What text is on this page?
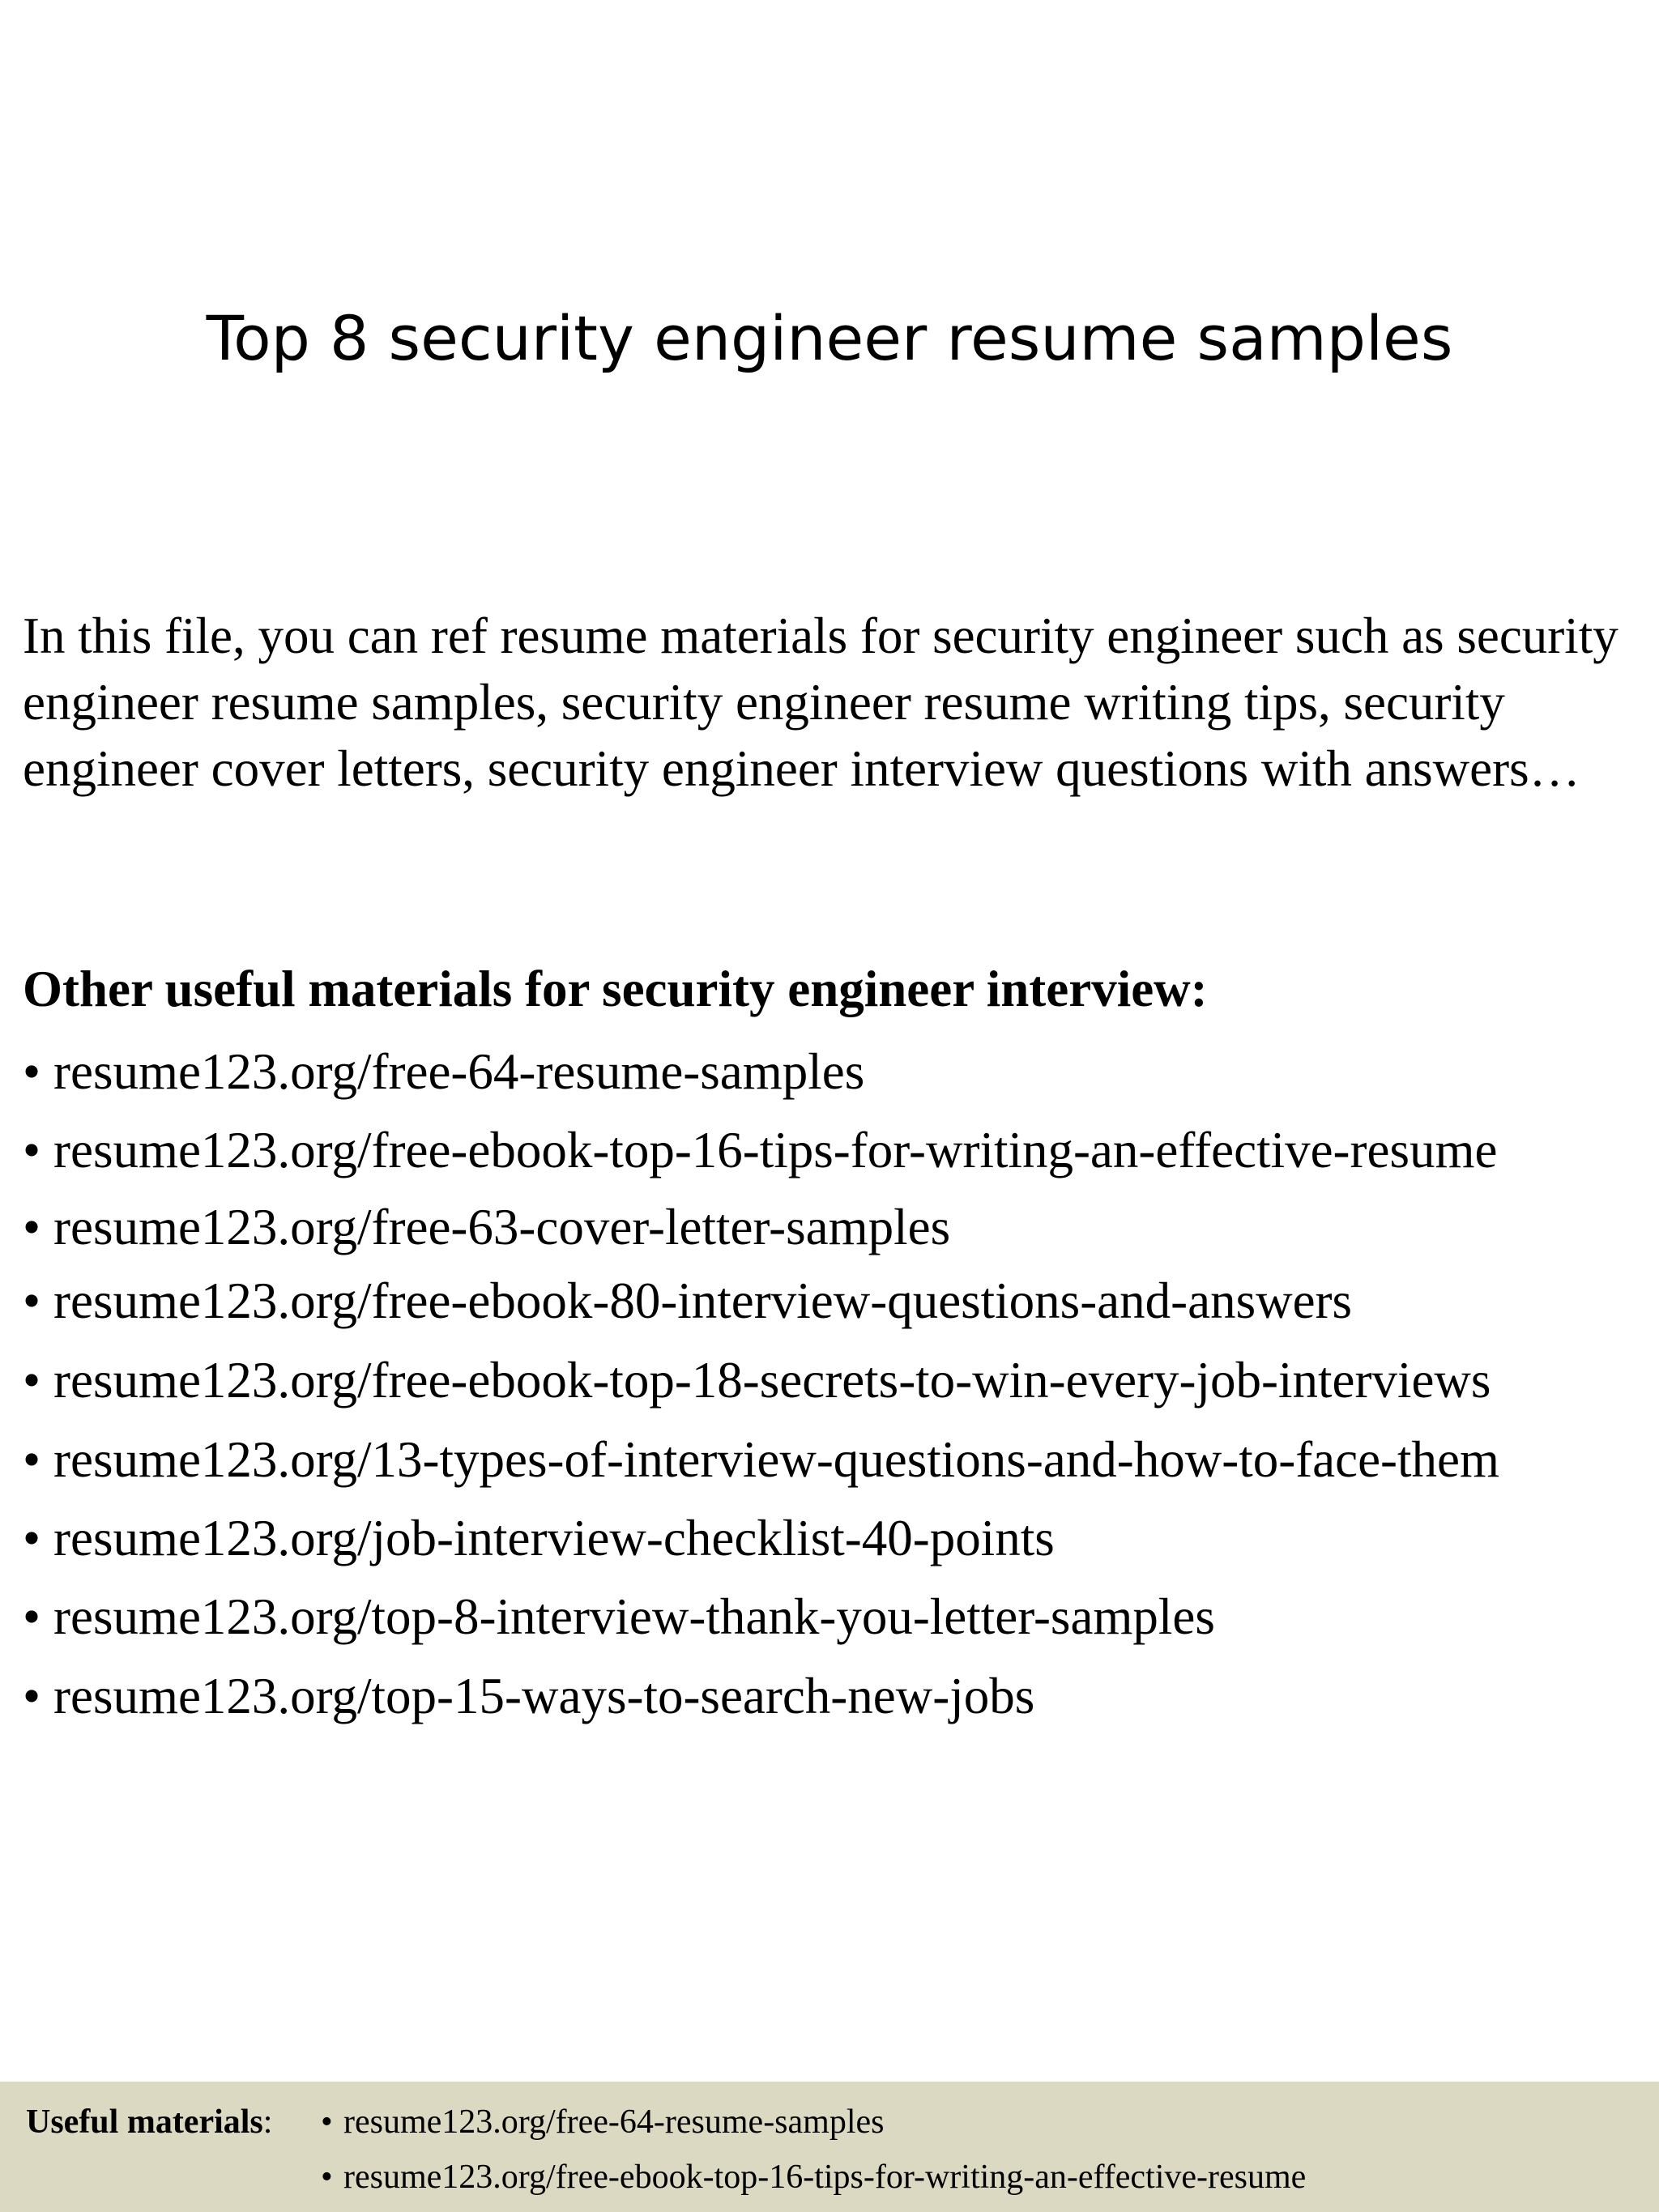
Top 8 security engineer resume samples

In this file, you can ref resume materials for security engineer such as security engineer resume samples, security engineer resume writing tips, security engineer cover letters, security engineer interview questions with answers…

Other useful materials for security engineer interview:
• resume123.org/free-64-resume-samples
• resume123.org/free-ebook-top-16-tips-for-writing-an-effective-resume
• resume123.org/free-63-cover-letter-samples
• resume123.org/free-ebook-80-interview-questions-and-answers
• resume123.org/free-ebook-top-18-secrets-to-win-every-job-interviews
• resume123.org/13-types-of-interview-questions-and-how-to-face-them
• resume123.org/job-interview-checklist-40-points
• resume123.org/top-8-interview-thank-you-letter-samples
• resume123.org/top-15-ways-to-search-new-jobs
Useful materials: • resume123.org/free-64-resume-samples
• resume123.org/free-ebook-top-16-tips-for-writing-an-effective-resume
